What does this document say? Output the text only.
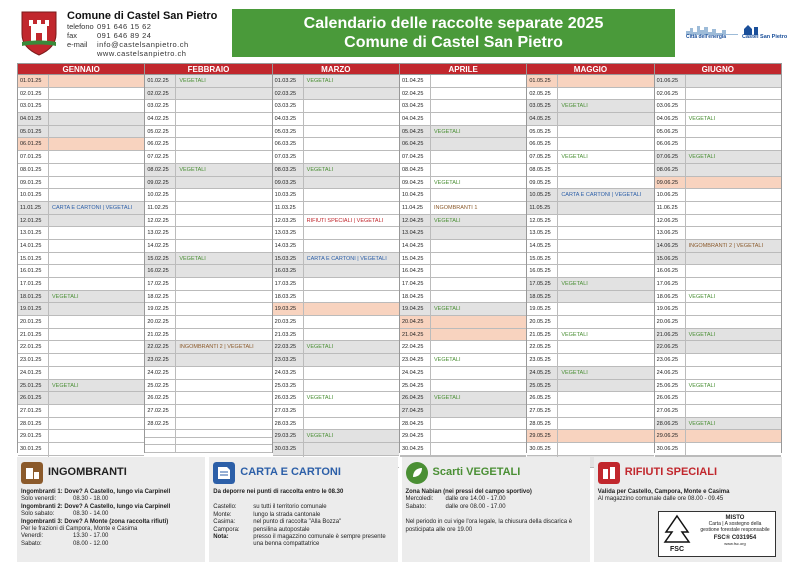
Comune di Castel San Pietro
telefono 091 646 15 62
fax	091 646 89 24
e-mail	info@castelsanpietro.ch
www.castelsanpietro.ch
Calendario delle raccolte separate 2025
Comune di Castel San Pietro	Città dell'energia	Castel San Pietro
GENNAIO
01.01.25
02.01.25
03.01.25
04.01.25
05.01.25
06.01.25
07.01.25
08.01.25
09.01.25
10.01.25
11.01.25	CARTA E CARTONI | VEGETALI
12.01.25
13.01.25
14.01.25
15.01.25
16.01.25
17.01.25
18.01.25	VEGETALI
19.01.25
20.01.25
21.01.25
22.01.25
23.01.25
24.01.25
25.01.25	VEGETALI
26.01.25
27.01.25
28.01.25
29.01.25
30.01.25
FEBBRAIO
01.02.25	VEGETALI
02.02.25
03.02.25
04.02.25
05.02.25
06.02.25
07.02.25
08.02.25	VEGETALI
09.02.25
10.02.25
11.02.25
12.02.25
13.02.25
14.02.25
15.02.25	VEGETALI
16.02.25
17.02.25
18.02.25
19.02.25
20.02.25
21.02.25
22.02.25	INGOMBRANTI 2 | VEGETALI
23.02.25
24.02.25
25.02.25
26.02.25
27.02.25
28.02.25
MARZO
01.03.25	VEGETALI
02.03.25
03.03.25
04.03.25
05.03.25
06.03.25
07.03.25
08.03.25	VEGETALI
09.03.25
10.03.25
11.03.25
12.03.25	RIFIUTI SPECIALI | VEGETALI
13.03.25
14.03.25
15.03.25	CARTA E CARTONI | VEGETALI
16.03.25
17.03.25
18.03.25
19.03.25
20.03.25
21.03.25
22.03.25	VEGETALI
23.03.25
24.03.25
25.03.25
26.03.25	VEGETALI
27.03.25
28.03.25
29.03.25	VEGETALI
30.03.25
APRILE
01.04.25
02.04.25
03.04.25
04.04.25
05.04.25	VEGETALI
06.04.25
07.04.25
08.04.25
09.04.25	VEGETALI
10.04.25
11.04.25	INGOMBRANTI 1
12.04.25	VEGETALI
13.04.25
14.04.25
15.04.25
16.04.25
17.04.25
18.04.25
19.04.25	VEGETALI
20.04.25
21.04.25
22.04.25
23.04.25	VEGETALI
24.04.25
25.04.25
26.04.25	VEGETALI
27.04.25
28.04.25
29.04.25
30.04.25
MAGGIO
01.05.25
02.05.25
03.05.25	VEGETALI
04.05.25
05.05.25
06.05.25
07.05.25	VEGETALI
08.05.25
09.05.25
10.05.25	CARTA E CARTONI | VEGETALI
11.05.25
12.05.25
13.05.25
14.05.25
15.05.25
16.05.25
17.05.25	VEGETALI
18.05.25
19.05.25
20.05.25
21.05.25	VEGETALI
22.05.25
23.05.25
24.05.25	VEGETALI
25.05.25
26.05.25
27.05.25
28.05.25
29.05.25
30.05.25
GIUGNO
01.06.25
02.06.25
03.06.25
04.06.25	VEGETALI
05.06.25
06.06.25
07.06.25	VEGETALI
08.06.25
09.06.25
10.06.25
11.06.25
12.06.25
13.06.25
14.06.25	INGOMBRANTI 2 | VEGETALI
15.06.25
16.06.25
17.06.25
18.06.25	VEGETALI
19.06.25
20.06.25
21.06.25	VEGETALI
22.06.25
23.06.25
24.06.25
25.06.25	VEGETALI
26.06.25
27.06.25
28.06.25	VEGETALI
29.06.25
30.06.25
INGOMBRANTI
Ingombranti 1: Dove? A Castello, lungo via Carpinell
Solo venerdì:	08.30 - 18.00
Ingombranti 2: Dove? A Castello, lungo via Carpinell
Solo sabato:	08.30 - 14.00
Ingombranti 3: Dove? A Monte (zona raccolta rifiuti)
Per le frazioni di Campora, Monte e Casima
Venerdì:	13.30 - 17.00
Sabato:	08.00 - 12.00
CARTA E CARTONI
Da deporre nei punti di raccolta entro le 08.30
Castello:	su tutti il territorio comunale
Monte:	lungo la strada cantonale
Casima:	nel punto di raccolta "Alla Bozza"
Campora:	pensilina autopostale
Nota:	presso il magazzino comunale è sempre presente una benna compattatrice
Scarti VEGETALI
Zona Nabian (nei pressi del campo sportivo)
Mercoledì:	dalle ore 14.00 - 17.00
Sabato:	dalle ore 08.00 - 17.00
Nel periodo in cui vige l'ora legale, la chiusura della discarica è posticipata alle ore 19.00
RIFIUTI SPECIALI
Valida per Castello, Campora, Monte e Casima
Al magazzino comunale dalle ore 08.00 - 09.45
FSC
MISTO
Carta | A sostegno della
gestione forestale responsabile
FSC® C031954
www.fsc.org
